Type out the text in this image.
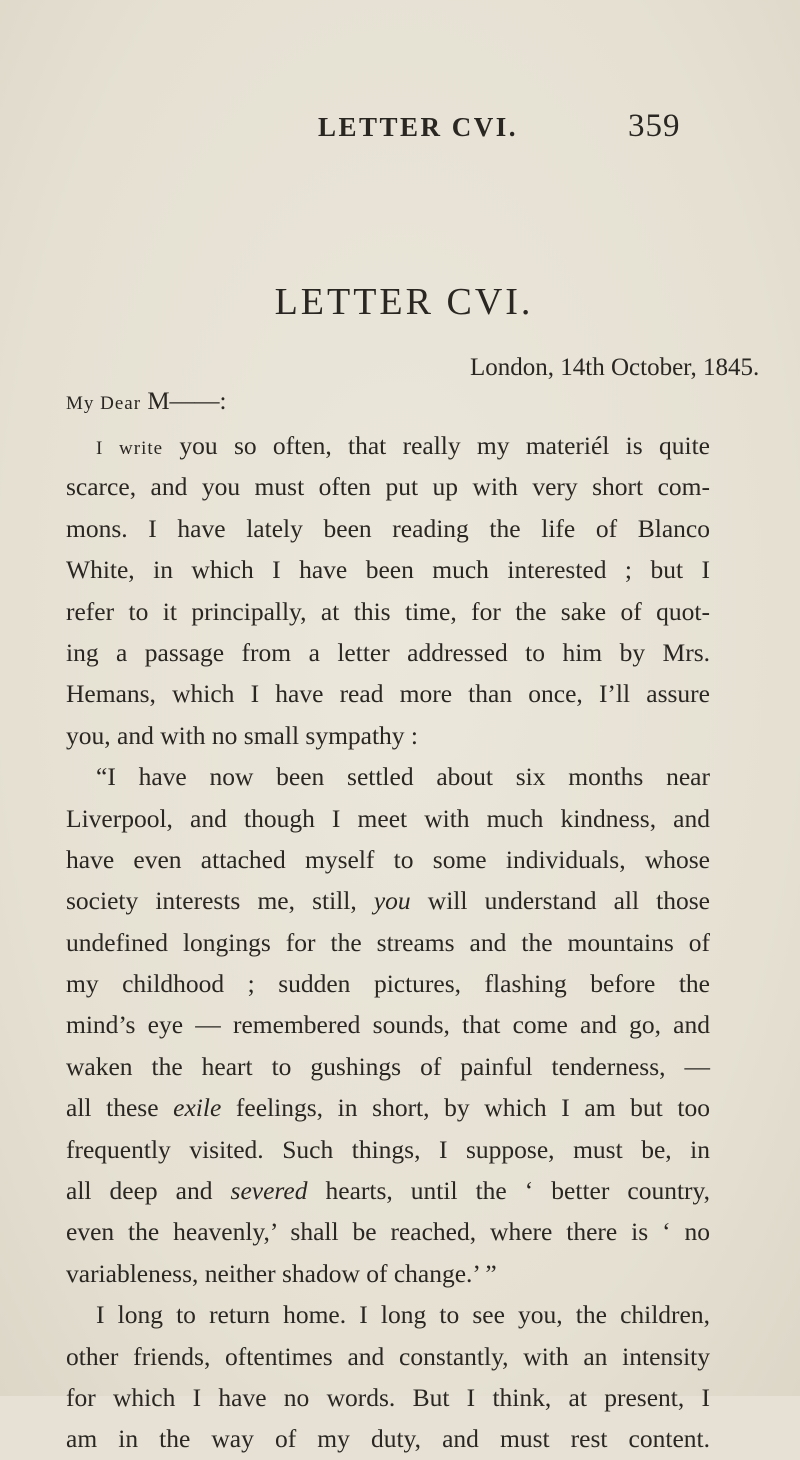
LETTER CVI.	359
LETTER CVI.
London, 14th October, 1845.
My Dear M——:
I write you so often, that really my materiél is quite
scarce, and you must often put up with very short com-
mons. I have lately been reading the life of Blanco
White, in which I have been much interested ; but I
refer to it principally, at this time, for the sake of quot-
ing a passage from a letter addressed to him by Mrs.
Hemans, which I have read more than once, I’ll assure
you, and with no small sympathy :
“I have now been settled about six months near
Liverpool, and though I meet with much kindness, and
have even attached myself to some individuals, whose
society interests me, still, you will understand all those
undefined longings for the streams and the mountains of
my childhood ; sudden pictures, flashing before the
mind’s eye — remembered sounds, that come and go, and
waken the heart to gushings of painful tenderness, —
all these exile feelings, in short, by which I am but too
frequently visited. Such things, I suppose, must be, in
all deep and severed hearts, until the ‘ better country,
even the heavenly,’ shall be reached, where there is ‘ no
variableness, neither shadow of change.’ ”
I long to return home. I long to see you, the children,
other friends, oftentimes and constantly, with an intensity
for which I have no words. But I think, at present, I
am in the way of my duty, and must rest content.
